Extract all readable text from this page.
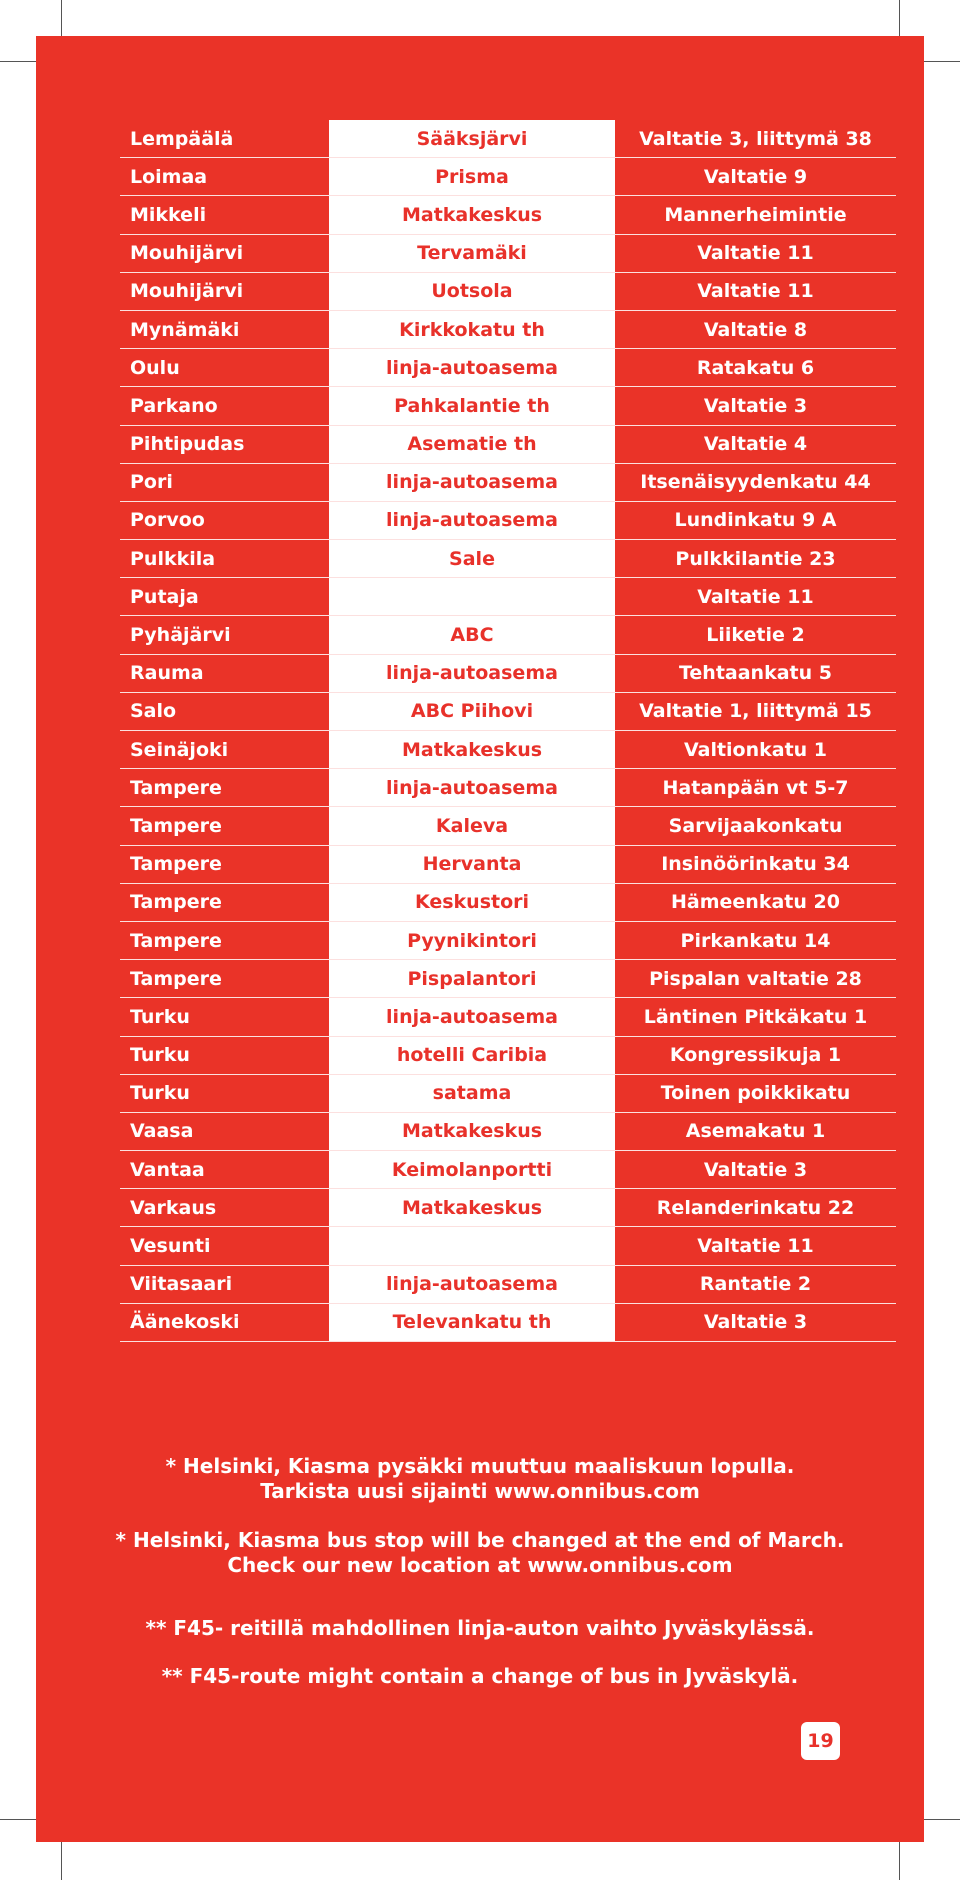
Lempäälä	Sääksjärvi	Valtatie 3, liittymä 38
Loimaa	Prisma	Valtatie 9
Mikkeli	Matkakeskus	Mannerheimintie
Mouhijärvi	Tervamäki	Valtatie 11
Mouhijärvi	Uotsola	Valtatie 11
Mynämäki	Kirkkokatu th	Valtatie 8
Oulu	linja-autoasema	Ratakatu 6
Parkano	Pahkalantie th	Valtatie 3
Pihtipudas	Asematie th	Valtatie 4
Pori	linja-autoasema	Itsenäisyydenkatu 44
Porvoo	linja-autoasema	Lundinkatu 9 A
Pulkkila	Sale	Pulkkilantie 23
Putaja		Valtatie 11
Pyhäjärvi	ABC	Liiketie 2
Rauma	linja-autoasema	Tehtaankatu 5
Salo	ABC Piihovi	Valtatie 1, liittymä 15
Seinäjoki	Matkakeskus	Valtionkatu 1
Tampere	linja-autoasema	Hatanpään vt 5-7
Tampere	Kaleva	Sarvijaakonkatu
Tampere	Hervanta	Insinöörinkatu 34
Tampere	Keskustori	Hämeenkatu 20
Tampere	Pyynikintori	Pirkankatu 14
Tampere	Pispalantori	Pispalan valtatie 28
Turku	linja-autoasema	Läntinen Pitkäkatu 1
Turku	hotelli Caribia	Kongressikuja 1
Turku	satama	Toinen poikkikatu
Vaasa	Matkakeskus	Asemakatu 1
Vantaa	Keimolanportti	Valtatie 3
Varkaus	Matkakeskus	Relanderinkatu 22
Vesunti		Valtatie 11
Viitasaari	linja-autoasema	Rantatie 2
Äänekoski	Televankatu th	Valtatie 3
* Helsinki, Kiasma pysäkki muuttuu maaliskuun lopulla.
Tarkista uusi sijainti www.onnibus.com
* Helsinki, Kiasma bus stop will be changed at the end of March.
Check our new location at www.onnibus.com
** F45- reitillä mahdollinen linja-auton vaihto Jyväskylässä.
** F45-route might contain a change of bus in Jyväskylä.
19
